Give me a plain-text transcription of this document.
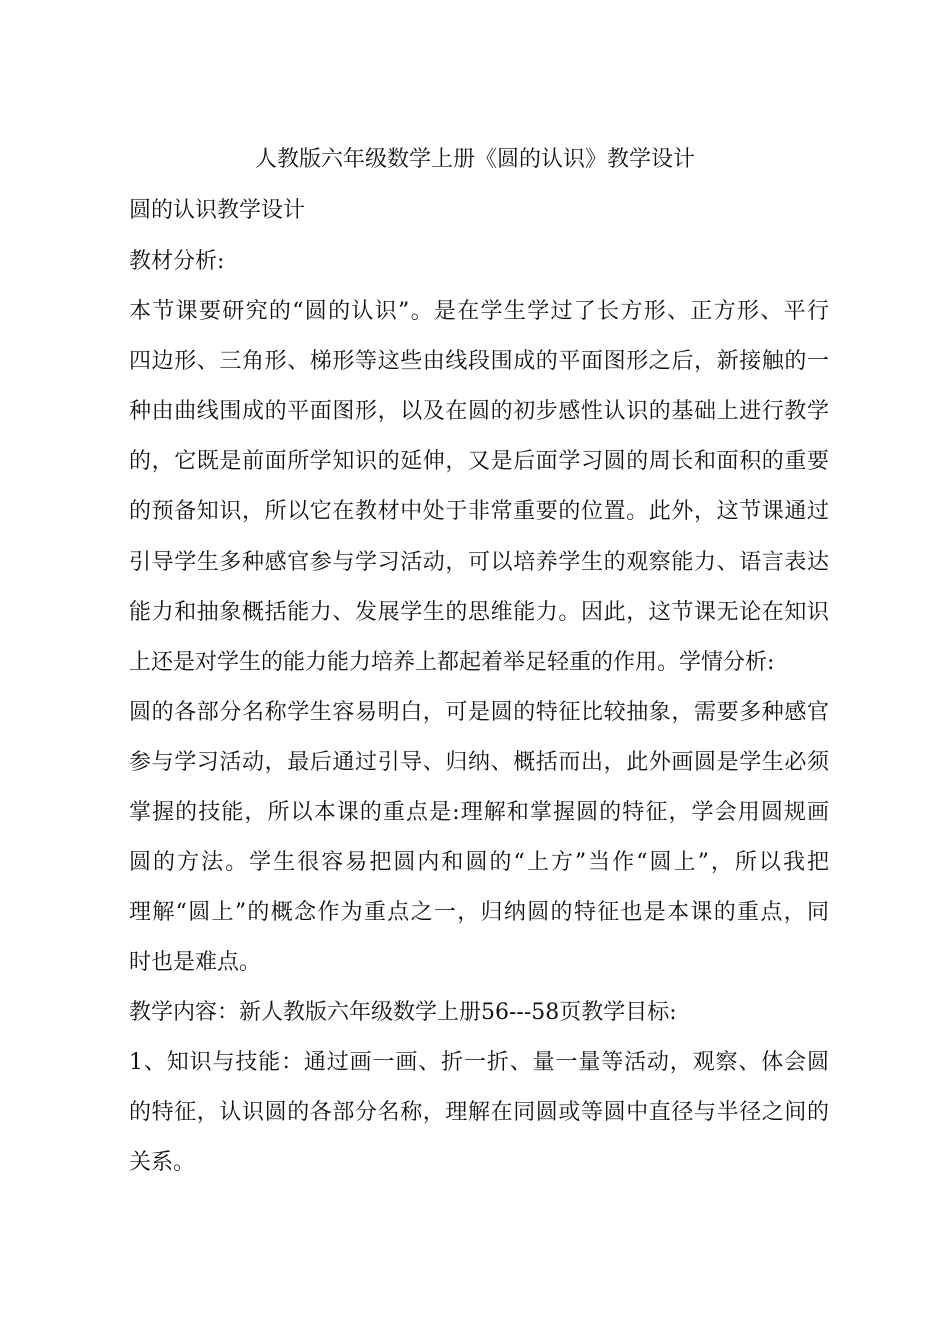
人教版六年级数学上册《圆的认识》教学设计
圆的认识教学设计
教材分析:
本节课要研究的“圆的认识”。是在学生学过了长方形、正方形、平行
四边形、三角形、梯形等这些由线段围成的平面图形之后，新接触的一
种由曲线围成的平面图形，以及在圆的初步感性认识的基础上进行教学
的，它既是前面所学知识的延伸，又是后面学习圆的周长和面积的重要
的预备知识，所以它在教材中处于非常重要的位置。此外，这节课通过
引导学生多种感官参与学习活动，可以培养学生的观察能力、语言表达
能力和抽象概括能力、发展学生的思维能力。因此，这节课无论在知识
上还是对学生的能力能力培养上都起着举足轻重的作用。学情分析:
圆的各部分名称学生容易明白，可是圆的特征比较抽象，需要多种感官
参与学习活动，最后通过引导、归纳、概括而出，此外画圆是学生必须
掌握的技能，所以本课的重点是:理解和掌握圆的特征，学会用圆规画
圆的方法。学生很容易把圆内和圆的“上方”当作“圆上”，所以我把
理解“圆上”的概念作为重点之一，归纳圆的特征也是本课的重点，同
时也是难点。
教学内容：新人教版六年级数学上册56---58页教学目标:
1、知识与技能：通过画一画、折一折、量一量等活动，观察、体会圆
的特征，认识圆的各部分名称，理解在同圆或等圆中直径与半径之间的
关系。
